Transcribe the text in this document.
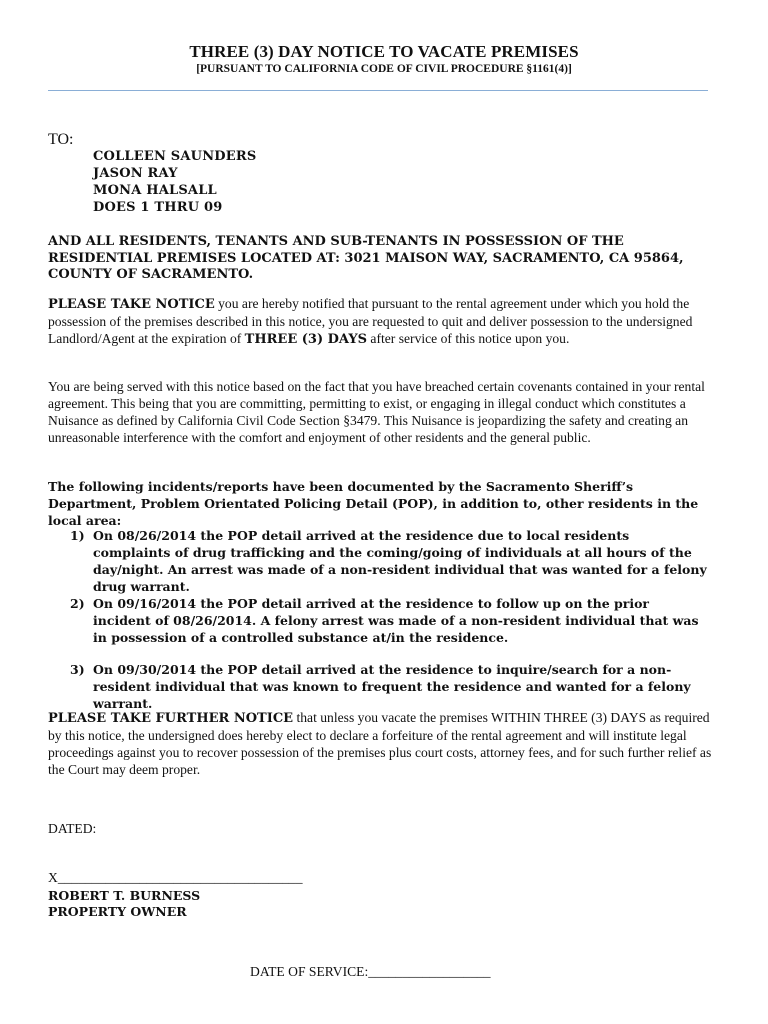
THREE (3) DAY NOTICE TO VACATE PREMISES
[PURSUANT TO CALIFORNIA CODE OF CIVIL PROCEDURE §1161(4)]
TO:
COLLEEN SAUNDERS
JASON RAY
MONA HALSALL
DOES 1 THRU 09
AND ALL RESIDENTS, TENANTS AND SUB-TENANTS IN POSSESSION OF THE
RESIDENTIAL PREMISES LOCATED AT: 3021 MAISON WAY, SACRAMENTO, CA 95864,
COUNTY OF SACRAMENTO.
PLEASE TAKE NOTICE you are hereby notified that pursuant to the rental agreement under which you hold the possession of the premises described in this notice, you are requested to quit and deliver possession to the undersigned Landlord/Agent at the expiration of THREE (3) DAYS after service of this notice upon you.
You are being served with this notice based on the fact that you have breached certain covenants contained in your rental agreement. This being that you are committing, permitting to exist, or engaging in illegal conduct which constitutes a Nuisance as defined by California Civil Code Section §3479. This Nuisance is jeopardizing the safety and creating an unreasonable interference with the comfort and enjoyment of other residents and the general public.
The following incidents/reports have been documented by the Sacramento Sheriff’s Department, Problem Orientated Policing Detail (POP), in addition to, other residents in the local area:
1) On 08/26/2014 the POP detail arrived at the residence due to local residents complaints of drug trafficking and the coming/going of individuals at all hours of the day/night. An arrest was made of a non-resident individual that was wanted for a felony drug warrant.
2) On 09/16/2014 the POP detail arrived at the residence to follow up on the prior incident of 08/26/2014. A felony arrest was made of a non-resident individual that was in possession of a controlled substance at/in the residence.
3) On 09/30/2014 the POP detail arrived at the residence to inquire/search for a non-resident individual that was known to frequent the residence and wanted for a felony warrant.
PLEASE TAKE FURTHER NOTICE that unless you vacate the premises WITHIN THREE (3) DAYS as required by this notice, the undersigned does hereby elect to declare a forfeiture of the rental agreement and will institute legal proceedings against you to recover possession of the premises plus court costs, attorney fees, and for such further relief as the Court may deem proper.
DATED:
X____________________________________
ROBERT T. BURNESS
PROPERTY OWNER
DATE OF SERVICE:__________________
